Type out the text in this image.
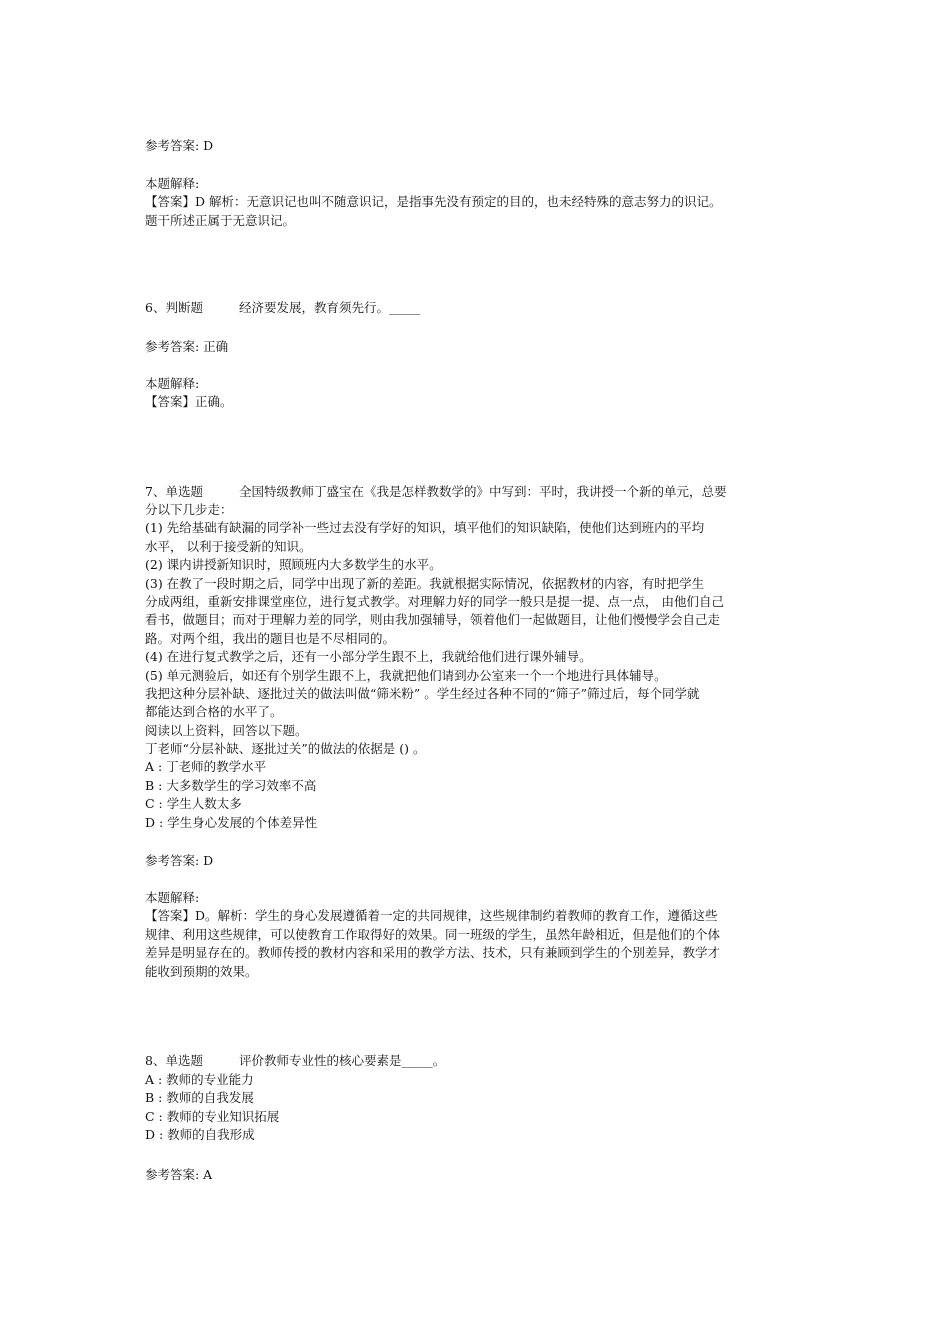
参考答案: D
本题解释:
【答案】D 解析：无意识记也叫不随意识记，是指事先没有预定的目的，也未经特殊的意志努力的识记。
题干所述正属于无意识记。
6、判断题	经济要发展，教育须先行。_____
参考答案: 正确
本题解释:
【答案】正确。
7、单选题	全国特级教师丁盛宝在《我是怎样教数学的》中写到：平时，我讲授一个新的单元，总要
分以下几步走：
(1) 先给基础有缺漏的同学补一些过去没有学好的知识，填平他们的知识缺陷，使他们达到班内的平均
水平， 以利于接受新的知识。
(2) 课内讲授新知识时，照顾班内大多数学生的水平。
(3) 在教了一段时期之后，同学中出现了新的差距。我就根据实际情况，依据教材的内容，有时把学生
分成两组，重新安排课堂座位，进行复式教学。对理解力好的同学一般只是提一提、点一点， 由他们自己
看书，做题目；而对于理解力差的同学，则由我加强辅导，领着他们一起做题目，让他们慢慢学会自己走
路。对两个组，我出的题目也是不尽相同的。
(4) 在进行复式教学之后，还有一小部分学生跟不上，我就给他们进行课外辅导。
(5) 单元测验后，如还有个别学生跟不上，我就把他们请到办公室来一个一个地进行具体辅导。
我把这种分层补缺、逐批过关的做法叫做“筛米粉” 。学生经过各种不同的“筛子”筛过后，每个同学就
都能达到合格的水平了。
阅读以上资料，回答以下题。
丁老师“分层补缺、逐批过关”的做法的依据是 () 。
A : 丁老师的教学水平
B : 大多数学生的学习效率不高
C : 学生人数太多
D : 学生身心发展的个体差异性
参考答案: D
本题解释:
【答案】D。解析：学生的身心发展遵循着一定的共同规律，这些规律制约着教师的教育工作，遵循这些
规律、利用这些规律，可以使教育工作取得好的效果。同一班级的学生，虽然年龄相近，但是他们的个体
差异是明显存在的。教师传授的教材内容和采用的教学方法、技术，只有兼顾到学生的个别差异，教学才
能收到预期的效果。
8、单选题	评价教师专业性的核心要素是_____。
A : 教师的专业能力
B : 教师的自我发展
C : 教师的专业知识拓展
D : 教师的自我形成
参考答案: A
